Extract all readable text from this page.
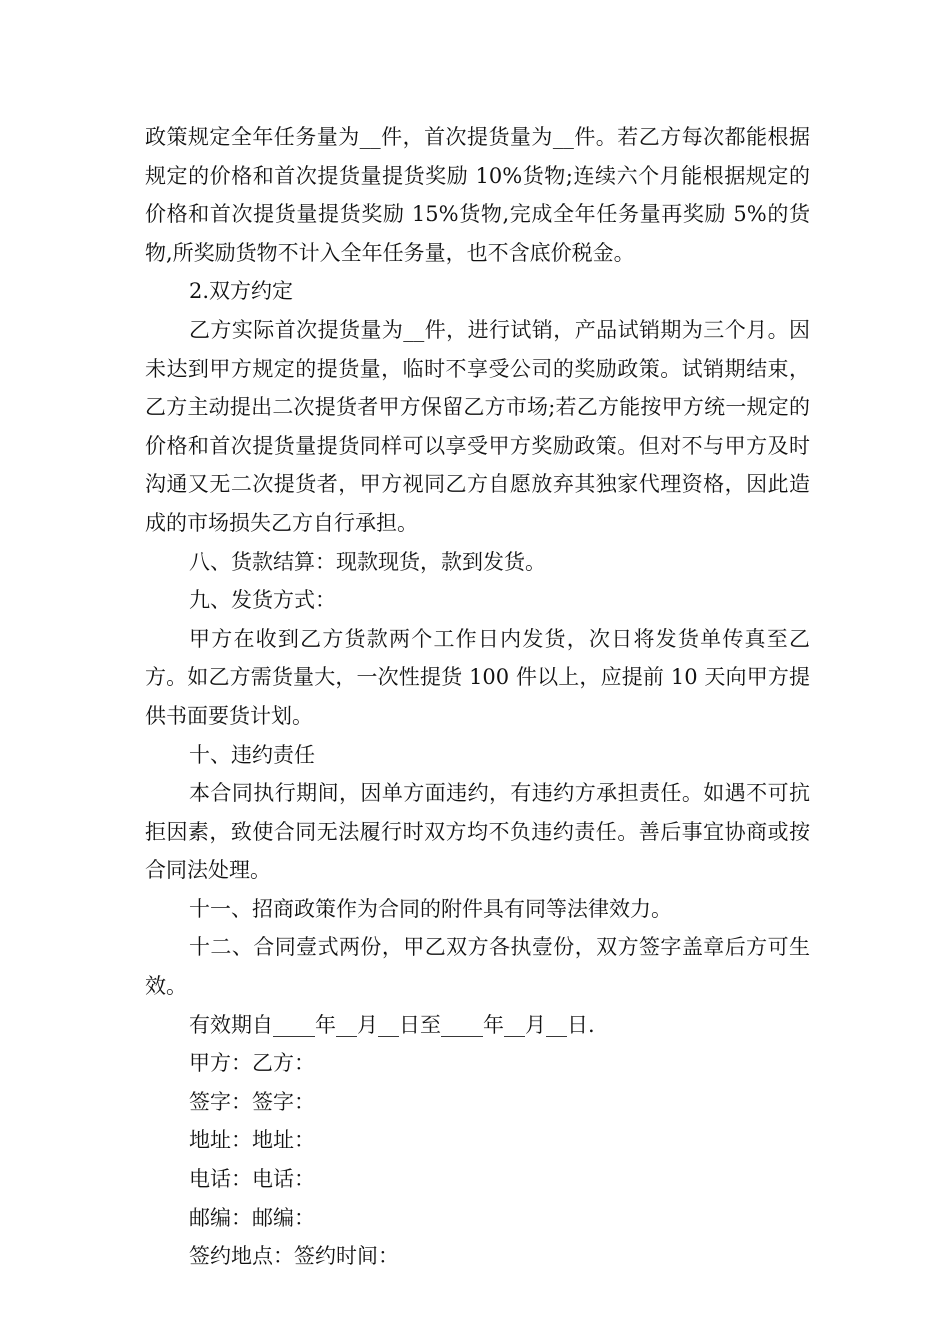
政策规定全年任务量为__件，首次提货量为__件。若乙方每次都能根据规定的价格和首次提货量提货奖励 10%货物;连续六个月能根据规定的价格和首次提货量提货奖励 15%货物,完成全年任务量再奖励 5%的货物,所奖励货物不计入全年任务量，也不含底价税金。

2.双方约定

乙方实际首次提货量为__件，进行试销，产品试销期为三个月。因未达到甲方规定的提货量，临时不享受公司的奖励政策。试销期结束，乙方主动提出二次提货者甲方保留乙方市场;若乙方能按甲方统一规定的价格和首次提货量提货同样可以享受甲方奖励政策。但对不与甲方及时沟通又无二次提货者，甲方视同乙方自愿放弃其独家代理资格，因此造成的市场损失乙方自行承担。

八、货款结算：现款现货，款到发货。

九、发货方式：

甲方在收到乙方货款两个工作日内发货，次日将发货单传真至乙方。如乙方需货量大，一次性提货 100 件以上，应提前 10 天向甲方提供书面要货计划。

十、违约责任

本合同执行期间，因单方面违约，有违约方承担责任。如遇不可抗拒因素，致使合同无法履行时双方均不负违约责任。善后事宜协商或按合同法处理。

十一、招商政策作为合同的附件具有同等法律效力。

十二、合同壹式两份，甲乙双方各执壹份，双方签字盖章后方可生效。

有效期自____年__月__日至____年__月__日.

甲方：乙方：

签字：签字：

地址：地址：

电话：电话：

邮编：邮编：

签约地点：签约时间：
